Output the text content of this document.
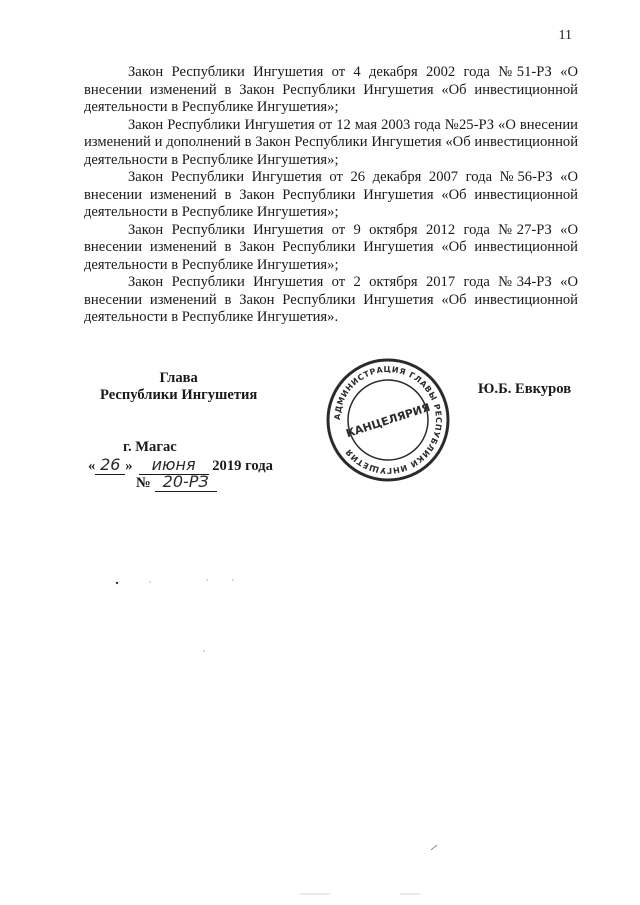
11

Закон Республики Ингушетия от 4 декабря 2002 года №51-РЗ «О внесении изменений в Закон Республики Ингушетия «Об инвестиционной деятельности в Республике Ингушетия»;

Закон Республики Ингушетия от 12 мая 2003 года №25-РЗ «О внесении изменений и дополнений в Закон Республики Ингушетия «Об инвестиционной деятельности в Республике Ингушетия»;

Закон Республики Ингушетия от 26 декабря 2007 года №56-РЗ «О внесении изменений в Закон Республики Ингушетия «Об инвестиционной деятельности в Республике Ингушетия»;

Закон Республики Ингушетия от 9 октября 2012 года №27-РЗ «О внесении изменений в Закон Республики Ингушетия «Об инвестиционной деятельности в Республике Ингушетия»;

Закон Республики Ингушетия от 2 октября 2017 года №34-РЗ «О внесении изменений в Закон Республики Ингушетия «Об инвестиционной деятельности в Республике Ингушетия».

Глава
Республики Ингушетия
АДМИНИСТРАЦИЯ ГЛАВЫ РЕСПУБЛИКИ ИНГУШЕТИЯ
КАНЦЕЛЯРИЯ
Ю.Б. Евкуров
г. Магас
« 26 » июня 2019 года
№ 20-РЗ
